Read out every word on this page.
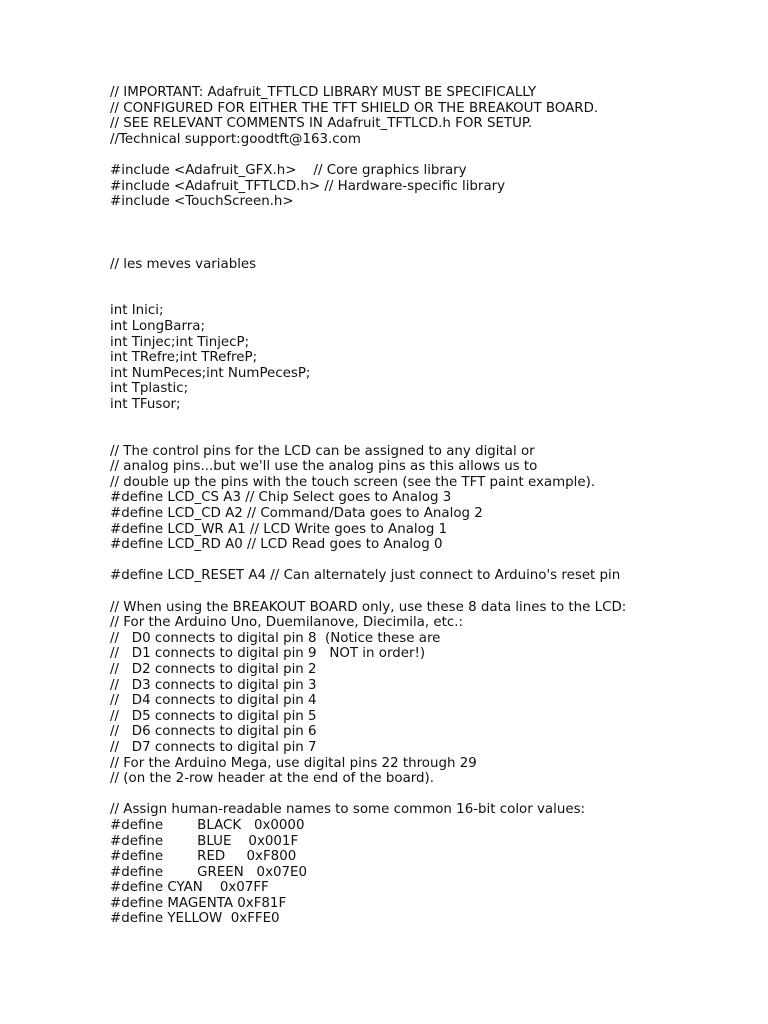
// IMPORTANT: Adafruit_TFTLCD LIBRARY MUST BE SPECIFICALLY
// CONFIGURED FOR EITHER THE TFT SHIELD OR THE BREAKOUT BOARD.
// SEE RELEVANT COMMENTS IN Adafruit_TFTLCD.h FOR SETUP.
//Technical support:goodtft@163.com
#include <Adafruit_GFX.h>    // Core graphics library
#include <Adafruit_TFTLCD.h> // Hardware-specific library
#include <TouchScreen.h>
// les meves variables
int Inici;
int LongBarra;
int Tinjec;int TinjecP;
int TRefre;int TRefreP;
int NumPeces;int NumPecesP;
int Tplastic;
int TFusor;
// The control pins for the LCD can be assigned to any digital or
// analog pins...but we'll use the analog pins as this allows us to
// double up the pins with the touch screen (see the TFT paint example).
#define LCD_CS A3 // Chip Select goes to Analog 3
#define LCD_CD A2 // Command/Data goes to Analog 2
#define LCD_WR A1 // LCD Write goes to Analog 1
#define LCD_RD A0 // LCD Read goes to Analog 0
#define LCD_RESET A4 // Can alternately just connect to Arduino's reset pin
// When using the BREAKOUT BOARD only, use these 8 data lines to the LCD:
// For the Arduino Uno, Duemilanove, Diecimila, etc.:
//   D0 connects to digital pin 8  (Notice these are
//   D1 connects to digital pin 9   NOT in order!)
//   D2 connects to digital pin 2
//   D3 connects to digital pin 3
//   D4 connects to digital pin 4
//   D5 connects to digital pin 5
//   D6 connects to digital pin 6
//   D7 connects to digital pin 7
// For the Arduino Mega, use digital pins 22 through 29
// (on the 2-row header at the end of the board).
// Assign human-readable names to some common 16-bit color values:
#define        BLACK   0x0000
#define        BLUE    0x001F
#define        RED     0xF800
#define        GREEN   0x07E0
#define CYAN    0x07FF
#define MAGENTA 0xF81F
#define YELLOW  0xFFE0
